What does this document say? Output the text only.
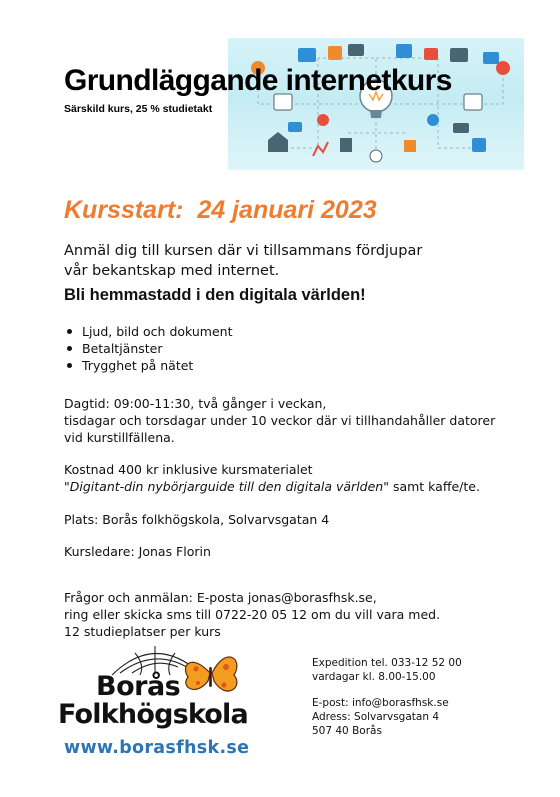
Grundläggande internetkurs
Särskild kurs, 25 % studietakt
Kursstart:  24 januari 2023
Anmäl dig till kursen där vi tillsammans fördjupar
vår bekantskap med internet.
Bli hemmastadd i den digitala världen!
Ljud, bild och dokument
Betaltjänster
Trygghet på nätet
Dagtid: 09:00-11:30, två gånger i veckan,
tisdagar och torsdagar under 10 veckor där vi tillhandahåller datorer
vid kurstillfällena.
Kostnad 400 kr inklusive kursmaterialet
"Digitant-din nybörjarguide till den digitala världen" samt kaffe/te.
Plats: Borås folkhögskola, Solvarvsgatan 4
Kursledare: Jonas Florin
Frågor och anmälan: E-posta jonas@borasfhsk.se,
ring eller skicka sms till 0722-20 05 12 om du vill vara med.
12 studieplatser per kurs
Borås
Folkhögskola
www.borasfhsk.se
Expedition tel. 033-12 52 00
vardagar kl. 8.00-15.00
E-post: info@borasfhsk.se
Adress: Solvarvsgatan 4
507 40 Borås
